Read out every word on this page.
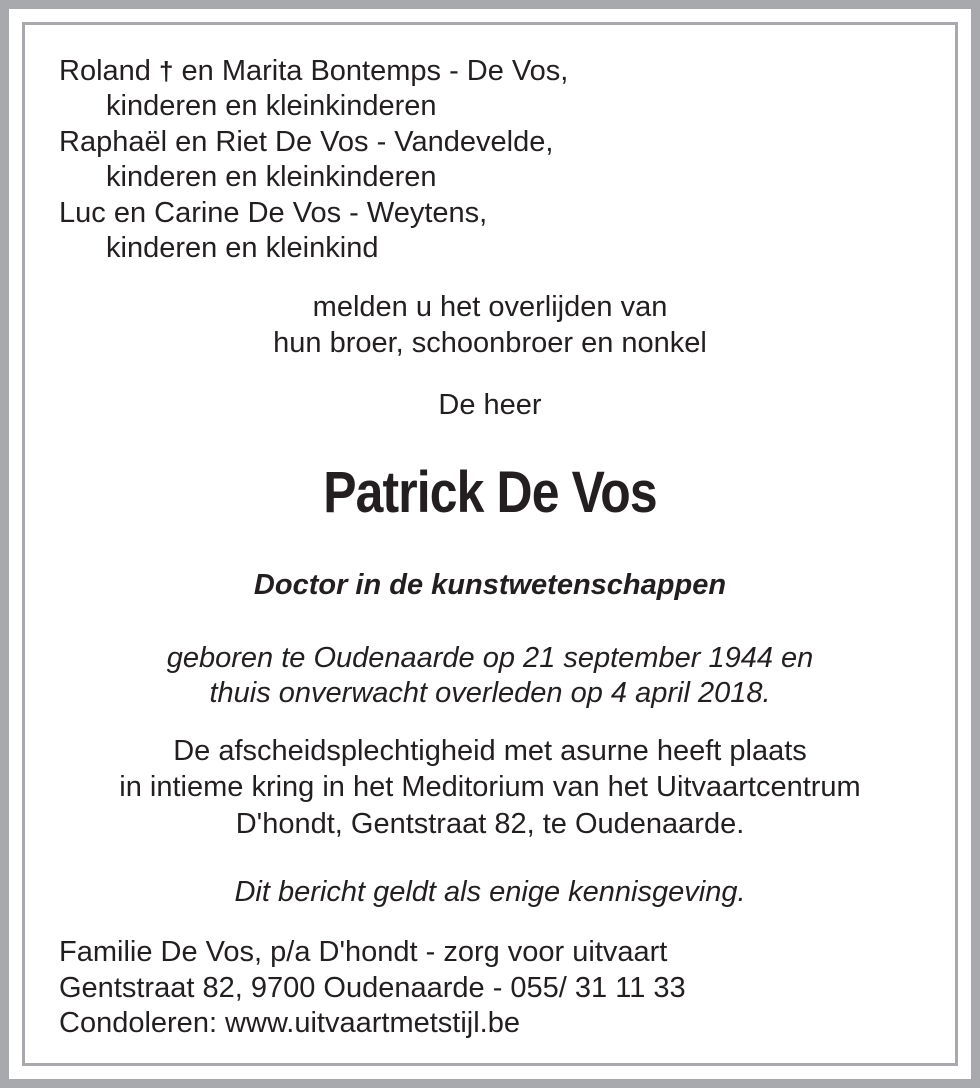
Roland † en Marita Bontemps - De Vos,

kinderen en kleinkinderen

Raphaël en Riet De Vos - Vandevelde,

kinderen en kleinkinderen

Luc en Carine De Vos - Weytens,

kinderen en kleinkind

melden u het overlijden van

hun broer, schoonbroer en nonkel

De heer

Patrick De Vos

Doctor in de kunstwetenschappen

geboren te Oudenaarde op 21 september 1944 en

thuis onverwacht overleden op 4 april 2018.

De afscheidsplechtigheid met asurne heeft plaats

in intieme kring in het Meditorium van het Uitvaartcentrum

D'hondt, Gentstraat 82, te Oudenaarde.

Dit bericht geldt als enige kennisgeving.

Familie De Vos, p/a D'hondt - zorg voor uitvaart

Gentstraat 82, 9700 Oudenaarde - 055/ 31 11 33

Condoleren: www.uitvaartmetstijl.be
